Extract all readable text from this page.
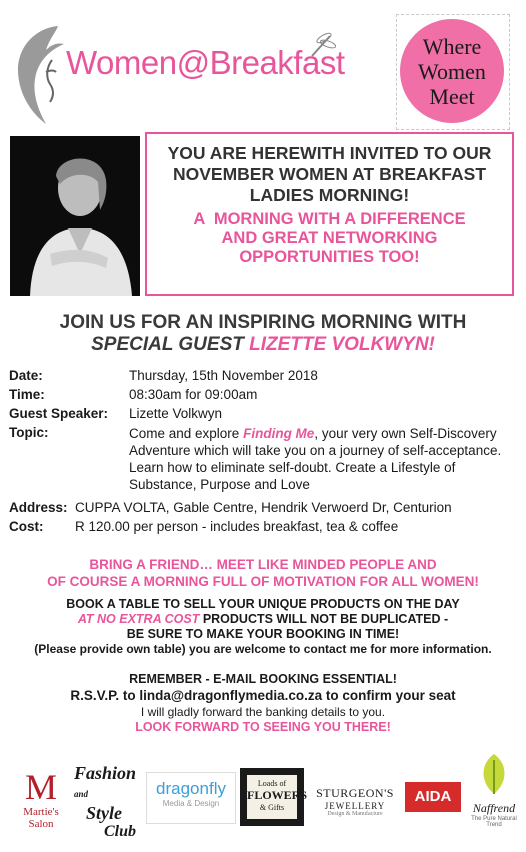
Women@Breakfast	Where
Women
Meet
YOU ARE HEREWITH INVITED TO OUR
NOVEMBER WOMEN AT BREAKFAST
LADIES MORNING!
A  MORNING WITH A DIFFERENCE
AND GREAT NETWORKING
OPPORTUNITIES TOO!
JOIN US FOR AN INSPIRING MORNING WITH
SPECIAL GUEST LIZETTE VOLKWYN!
Date:	Thursday, 15th November 2018
Time:	08:30am for 09:00am
Guest Speaker: Lizette Volkwyn
Topic:	Come and explore Finding Me, your very own Self-Discovery Adventure which will take you on a journey of self-acceptance. Learn how to eliminate self-doubt. Create a Lifestyle of Substance, Purpose and Love
Address: CUPPA VOLTA, Gable Centre, Hendrik Verwoerd Dr, Centurion
Cost: R 120.00 per person - includes breakfast, tea & coffee
BRING A FRIEND… MEET LIKE MINDED PEOPLE AND
OF COURSE A MORNING FULL OF MOTIVATION FOR ALL WOMEN!
BOOK A TABLE TO SELL YOUR UNIQUE PRODUCTS ON THE DAY
AT NO EXTRA COST PRODUCTS WILL NOT BE DUPLICATED -
BE SURE TO MAKE YOUR BOOKING IN TIME!
(Please provide own table) you are welcome to contact me for more information.
REMEMBER - E-MAIL BOOKING ESSENTIAL!
R.S.V.P. to linda@dragonflymedia.co.za to confirm your seat
I will gladly forward the banking details to you.
LOOK FORWARD TO SEEING YOU THERE!
M
Martie's Salon
Fashion and
Style
Club
dragonfly
Media & Design
Loads of
FLOWERS
& Gifts
STURGEON'S
JEWELLERY
Design & Manufacture
AIDA
Naffrend
The Pure Natural Trend
